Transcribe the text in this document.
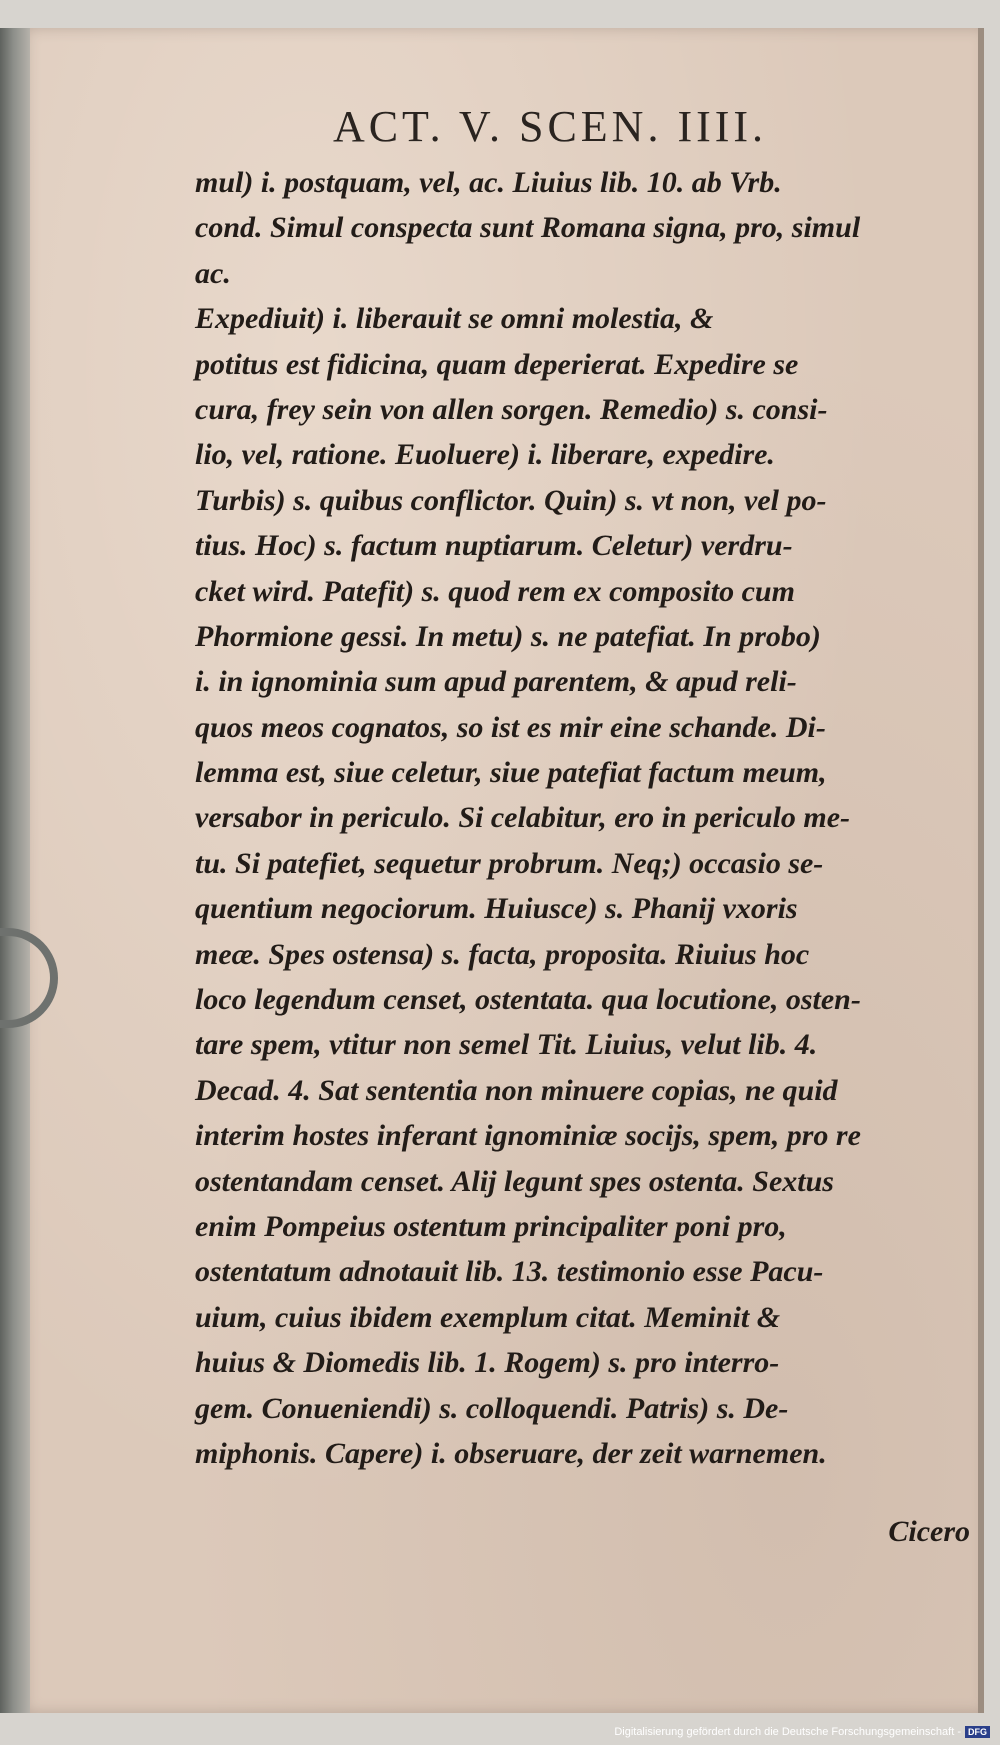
ACT. V. SCEN. IIII.
mul) i. postquam, vel, ac. Liuius lib. 10. ab Vrb.
cond. Simul conspecta sunt Romana signa, pro, simul
ac.
Expediuit) i. liberauit se omni molestia, &
potitus est fidicina, quam deperierat. Expedire se
cura, frey sein von allen sorgen. Remedio) s. consi-
lio, vel, ratione. Euoluere) i. liberare, expedire.
Turbis) s. quibus conflictor. Quin) s. vt non, vel po-
tius. Hoc) s. factum nuptiarum. Celetur) verdru-
cket wird. Patefit) s. quod rem ex composito cum
Phormione gessi. In metu) s. ne patefiat. In probo)
i. in ignominia sum apud parentem, & apud reli-
quos meos cognatos, so ist es mir eine schande. Di-
lemma est, siue celetur, siue patefiat factum meum,
versabor in periculo. Si celabitur, ero in periculo me-
tu. Si patefiet, sequetur probrum. Neq;) occasio se-
quentium negociorum. Huiusce) s. Phanij vxoris
meæ. Spes ostensa) s. facta, proposita. Riuius hoc
loco legendum censet, ostentata. qua locutione, osten-
tare spem, vtitur non semel Tit. Liuius, velut lib. 4.
Decad. 4. Sat sententia non minuere copias, ne quid
interim hostes inferant ignominiæ socijs, spem, pro re
ostentandam censet. Alij legunt spes ostenta. Sextus
enim Pompeius ostentum principaliter poni pro,
ostentatum adnotauit lib. 13. testimonio esse Pacu-
uium, cuius ibidem exemplum citat. Meminit &
huius & Diomedis lib. 1. Rogem) s. pro interro-
gem. Conueniendi) s. colloquendi. Patris) s. De-
miphonis. Capere) i. obseruare, der zeit warnemen.
Cicero
Digitalisierung gefördert durch die Deutsche Forschungsgemeinschaft - DFG
